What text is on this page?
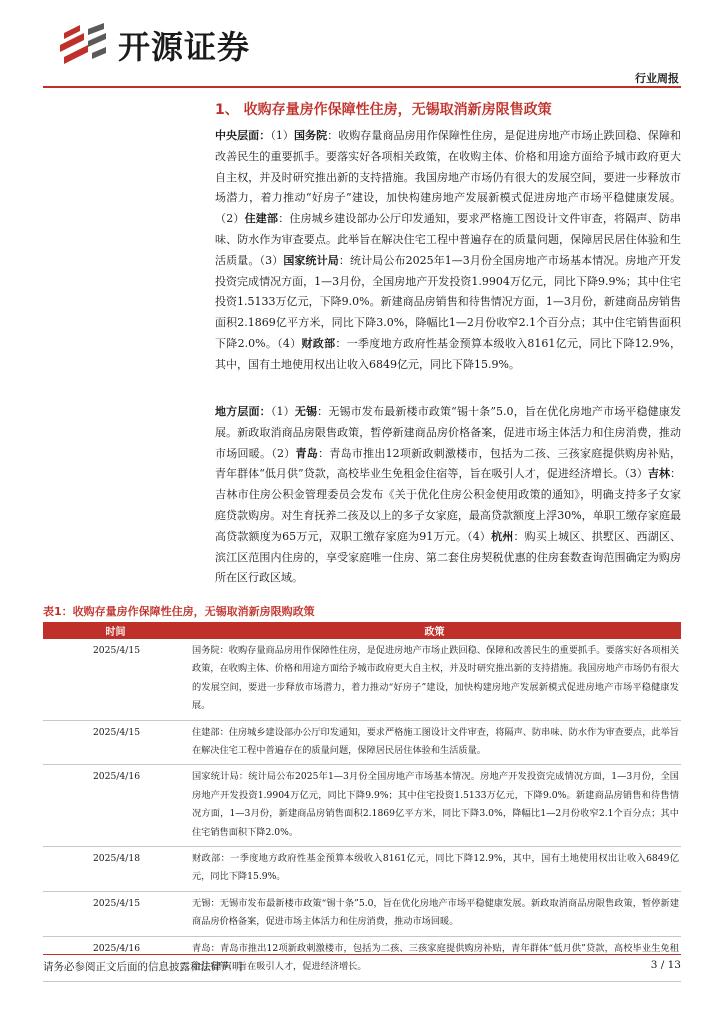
开源证券
行业周报
1、 收购存量房作保障性住房，无锡取消新房限售政策
中央层面：（1）国务院：收购存量商品房用作保障性住房，是促进房地产市场止跌回稳、保障和改善民生的重要抓手。要落实好各项相关政策，在收购主体、价格和用途方面给予城市政府更大自主权，并及时研究推出新的支持措施。我国房地产市场仍有很大的发展空间，要进一步释放市场潜力，着力推动“好房子”建设，加快构建房地产发展新模式促进房地产市场平稳健康发展。（2）住建部：住房城乡建设部办公厅印发通知，要求严格施工图设计文件审查，将隔声、防串味、防水作为审查要点。此举旨在解决住宅工程中普遍存在的质量问题，保障居民居住体验和生活质量。（3）国家统计局：统计局公布2025年1—3月份全国房地产市场基本情况。房地产开发投资完成情况方面，1—3月份，全国房地产开发投资1.9904万亿元，同比下降9.9%；其中住宅投资1.5133万亿元，下降9.0%。新建商品房销售和待售情况方面，1—3月份，新建商品房销售面积2.1869亿平方米，同比下降3.0%，降幅比1—2月份收窄2.1个百分点；其中住宅销售面积下降2.0%。（4）财政部：一季度地方政府性基金预算本级收入8161亿元，同比下降12.9%，其中，国有土地使用权出让收入6849亿元，同比下降15.9%。
地方层面：（1）无锡：无锡市发布最新楼市政策“锡十条”5.0，旨在优化房地产市场平稳健康发展。新政取消商品房限售政策，暂停新建商品房价格备案，促进市场主体活力和住房消费，推动市场回暖。（2）青岛：青岛市推出12项新政刺激楼市，包括为二孩、三孩家庭提供购房补贴，青年群体“低月供”贷款，高校毕业生免租金住宿等，旨在吸引人才，促进经济增长。（3）吉林：吉林市住房公积金管理委员会发布《关于优化住房公积金使用政策的通知》，明确支持多子女家庭贷款购房。对生育抚养二孩及以上的多子女家庭，最高贷款额度上浮30%，单职工缴存家庭最高贷款额度为65万元，双职工缴存家庭为91万元。（4）杭州：购买上城区、拱墅区、西湖区、滨江区范围内住房的，享受家庭唯一住房、第二套住房契税优惠的住房套数查询范围确定为购房所在区行政区域。
表1：收购存量房作保障性住房，无锡取消新房限购政策
时间	政策
2025/4/15	国务院：收购存量商品房用作保障性住房，是促进房地产市场止跌回稳、保障和改善民生的重要抓手。要落实好各项相关政策，在收购主体、价格和用途方面给予城市政府更大自主权，并及时研究推出新的支持措施。我国房地产市场仍有很大的发展空间，要进一步释放市场潜力，着力推动“好房子”建设，加快构建房地产发展新模式促进房地产市场平稳健康发展。
2025/4/15	住建部：住房城乡建设部办公厅印发通知，要求严格施工图设计文件审查，将隔声、防串味、防水作为审查要点，此举旨在解决住宅工程中普遍存在的质量问题，保障居民居住体验和生活质量。
2025/4/16	国家统计局：统计局公布2025年1—3月份全国房地产市场基本情况。房地产开发投资完成情况方面，1—3月份，全国房地产开发投资1.9904万亿元，同比下降9.9%；其中住宅投资1.5133万亿元，下降9.0%。新建商品房销售和待售情况方面，1—3月份，新建商品房销售面积2.1869亿平方米，同比下降3.0%，降幅比1—2月份收窄2.1个百分点；其中住宅销售面积下降2.0%。
2025/4/18	财政部：一季度地方政府性基金预算本级收入8161亿元，同比下降12.9%，其中，国有土地使用权出让收入6849亿元，同比下降15.9%。
2025/4/15	无锡：无锡市发布最新楼市政策“锡十条”5.0，旨在优化房地产市场平稳健康发展。新政取消商品房限售政策，暂停新建商品房价格备案，促进市场主体活力和住房消费，推动市场回暖。
2025/4/16	青岛：青岛市推出12项新政刺激楼市，包括为二孩、三孩家庭提供购房补贴，青年群体“低月供”贷款，高校毕业生免租金住宿等，旨在吸引人才，促进经济增长。
请务必参阅正文后面的信息披露和法律声明	3 / 13
